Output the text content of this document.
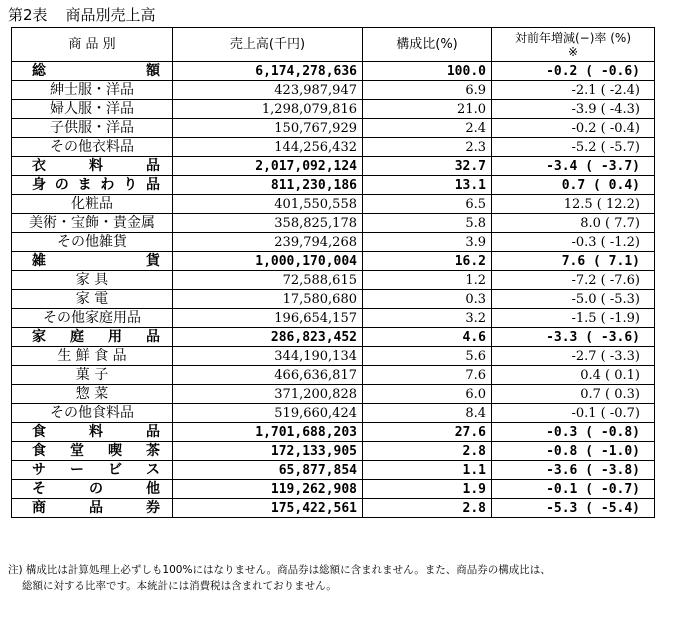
第2表 商品別売上高
商 品 別	売上高(千円)	構成比(%)	対前年増減(−)率 (%)
※

総 額	6,174,278,636	100.0	-0.2 ( -0.6)
紳士服・洋品	423,987,947	6.9	-2.1 ( -2.4)
婦人服・洋品	1,298,079,816	21.0	-3.9 ( -4.3)
子供服・洋品	150,767,929	2.4	-0.2 ( -0.4)
その他衣料品	144,256,432	2.3	-5.2 ( -5.7)
衣 料 品	2,017,092,124	32.7	-3.4 ( -3.7)
身のまわり品	811,230,186	13.1	0.7 ( 0.4)
化粧品	401,550,558	6.5	12.5 ( 12.2)
美術・宝飾・貴金属	358,825,178	5.8	8.0 ( 7.7)
その他雑貨	239,794,268	3.9	-0.3 ( -1.2)
雑 貨	1,000,170,004	16.2	7.6 ( 7.1)
家 具	72,588,615	1.2	-7.2 ( -7.6)
家 電	17,580,680	0.3	-5.0 ( -5.3)
その他家庭用品	196,654,157	3.2	-1.5 ( -1.9)
家 庭 用 品	286,823,452	4.6	-3.3 ( -3.6)
生 鮮 食 品	344,190,134	5.6	-2.7 ( -3.3)
菓 子	466,636,817	7.6	0.4 ( 0.1)
惣 菜	371,200,828	6.0	0.7 ( 0.3)
その他食料品	519,660,424	8.4	-0.1 ( -0.7)
食 料 品	1,701,688,203	27.6	-0.3 ( -0.8)
食 堂 喫 茶	172,133,905	2.8	-0.8 ( -1.0)
サ ー ビ ス	65,877,854	1.1	-3.6 ( -3.8)
そ の 他	119,262,908	1.9	-0.1 ( -0.7)
商 品 券	175,422,561	2.8	-5.3 ( -5.4)
注) 構成比は計算処理上必ずしも100%にはなりません。商品券は総額に含まれません。また、商品券の構成比は、
総額に対する比率です。本統計には消費税は含まれておりません。
